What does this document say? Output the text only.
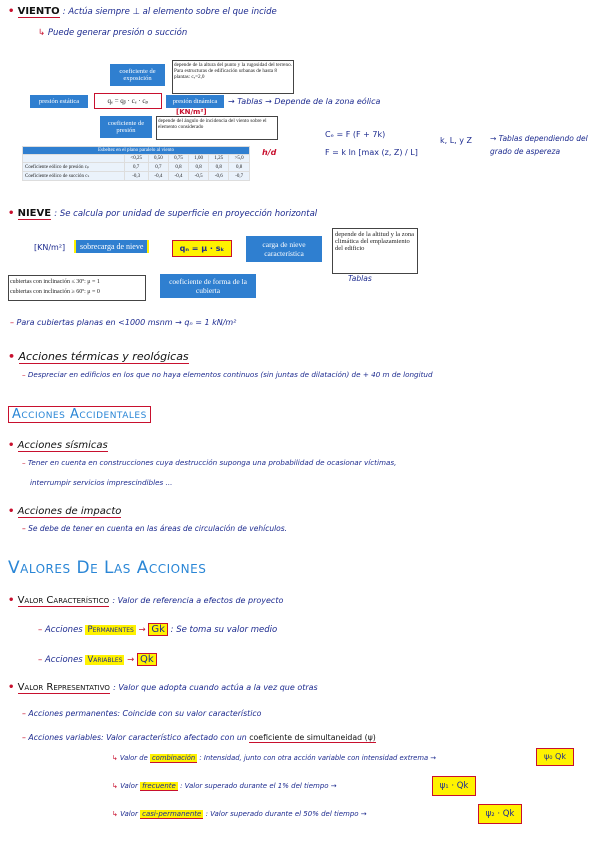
• VIENTO : Actúa siempre ⊥ al elemento sobre el que incide
↳ Puede generar presión o succión
coeficiente de exposición
depende de la altura del punto y la rugosidad del terreno. Para estructuras de edificación urbanas de hasta 8 plantas: cₑ=2,0
presión estática	qₑ = qᵦ · cₑ · cₚ	presión dinámica
[KN/m²]
→ Tablas → Depende de la zona eólica
coeficiente de presión
depende del ángulo de incidencia del viento sobre el elemento considerado
Esbeltez en el plano paralelo al viento						
	<0,25	0,50	0,75	1,00	1,25	>5,0
Coeficiente eólico de presión cₚ	0,7	0,7	0,8	0,8	0,8	0,8
Coeficiente eólico de succión cₛ	-0,3	-0,4	-0,4	-0,5	-0,6	-0,7
h/d
Cₑ = F (F + 7k)
F = k ln [max (z, Z) / L]
k, L, y Z → Tablas dependiendo del grado de aspereza
• NIEVE : Se calcula por unidad de superficie en proyección horizontal
[KN/m²]	sobrecarga de nieve	qₙ = μ · sₖ	carga de nieve característica
depende de la altitud y la zona climática del emplazamiento del edificio
Tablas
cubiertas con inclinación ≤ 30º: μ = 1
cubiertas con inclinación ≥ 60º: μ = 0
coeficiente de forma de la cubierta
– Para cubiertas planas en <1000 msnm → qₙ = 1 kN/m²
• Acciones térmicas y reológicas
– Despreciar en edificios en los que no haya elementos continuos (sin juntas de dilatación) de + 40 m de longitud
Acciones Accidentales
• Acciones sísmicas
– Tener en cuenta en construcciones cuya destrucción suponga una probabilidad de ocasionar víctimas,
interrumpir servicios imprescindibles ...
• Acciones de impacto
– Se debe de tener en cuenta en las áreas de circulación de vehículos.
Valores De Las Acciones
• Valor Característico : Valor de referencia a efectos de proyecto
– Acciones Permanentes → Gk : Se toma su valor medio
– Acciones Variables → Qk
• Valor Representativo : Valor que adopta cuando actúa a la vez que otras
– Acciones permanentes: Coincide con su valor característico
– Acciones variables: Valor característico afectado con un coeficiente de simultaneidad (ψ)
↳ Valor de combinación : Intensidad, junto con otra acción variable con intensidad extrema →	ψ₀ Qk
↳ Valor frecuente : Valor superado durante el 1% del tiempo →	ψ₁ · Qk
↳ Valor casi-permanente : Valor superado durante el 50% del tiempo →	ψ₂ · Qk
